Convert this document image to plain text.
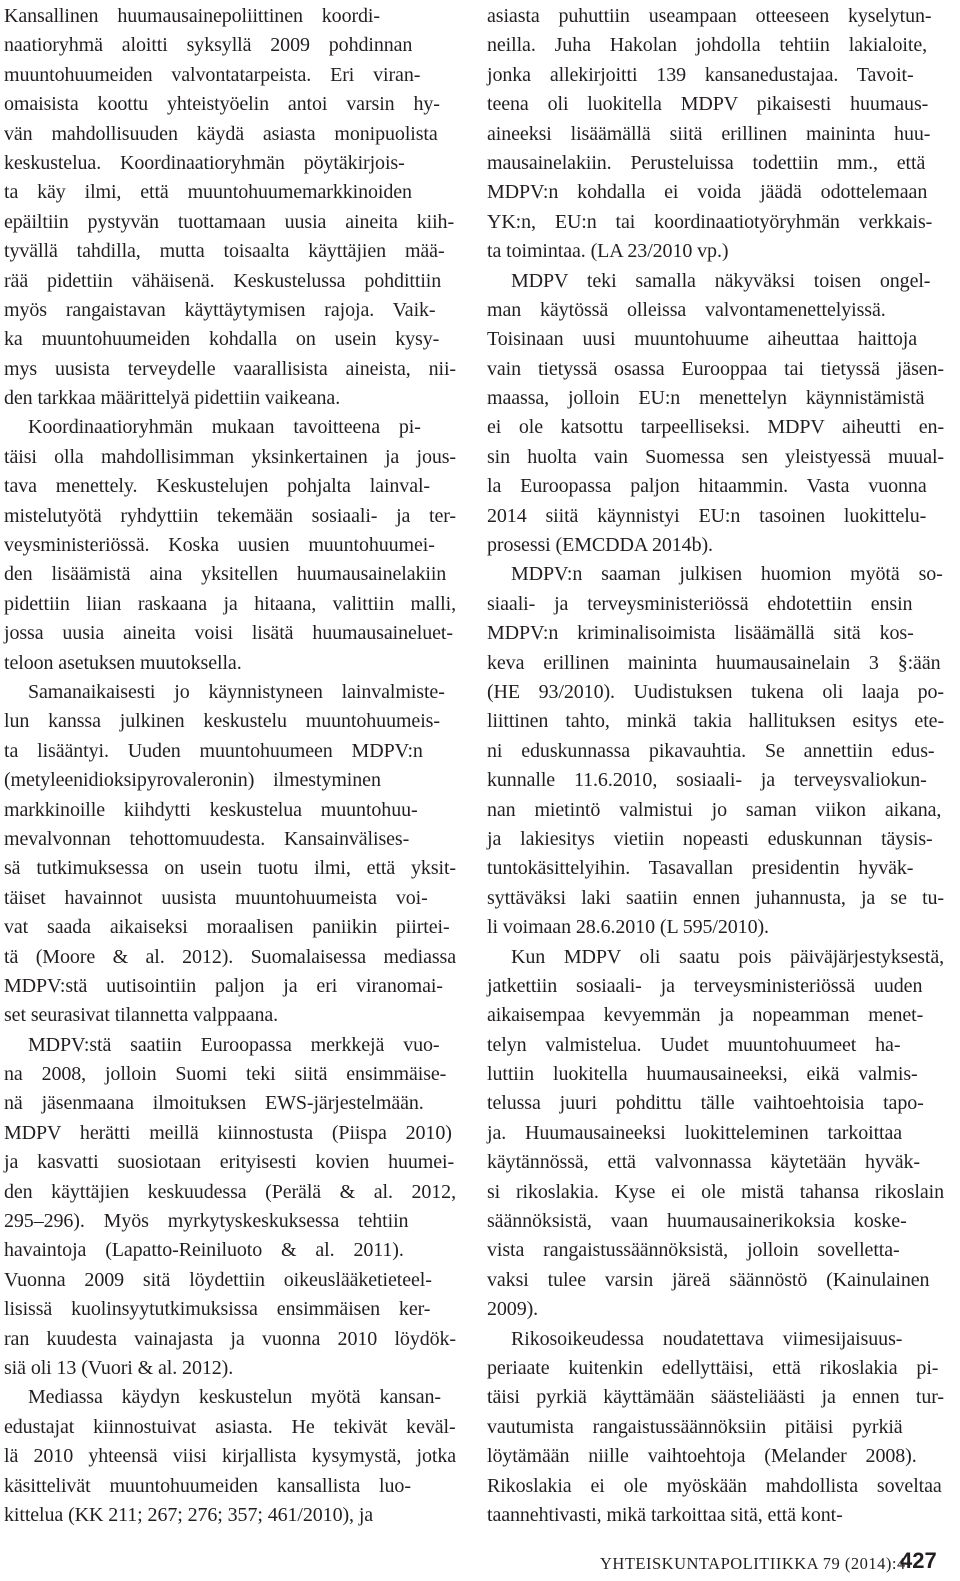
Kansallinen huumausainepoliittinen koordi-
naatioryhmä aloitti syksyllä 2009 pohdinnan
muuntohuumeiden valvontatarpeista. Eri viran-
omaisista koottu yhteistyöelin antoi varsin hy-
vän mahdollisuuden käydä asiasta monipuolista
keskustelua. Koordinaatioryhmän pöytäkirjois-
ta käy ilmi, että muuntohuumemarkkinoiden
epäiltiin pystyvän tuottamaan uusia aineita kiih-
tyvällä tahdilla, mutta toisaalta käyttäjien mää-
rää pidettiin vähäisenä. Keskustelussa pohdittiin
myös rangaistavan käyttäytymisen rajoja. Vaik-
ka muuntohuumeiden kohdalla on usein kysy-
mys uusista terveydelle vaarallisista aineista, nii-
den tarkkaa määrittelyä pidettiin vaikeana.
Koordinaatioryhmän mukaan tavoitteena pi-
täisi olla mahdollisimman yksinkertainen ja jous-
tava menettely. Keskustelujen pohjalta lainval-
mistelutyötä ryhdyttiin tekemään sosiaali- ja ter-
veysministeriössä. Koska uusien muuntohuumei-
den lisäämistä aina yksitellen huumausainelakiin
pidettiin liian raskaana ja hitaana, valittiin malli,
jossa uusia aineita voisi lisätä huumausaineluet-
teloon asetuksen muutoksella.
Samanaikaisesti jo käynnistyneen lainvalmiste-
lun kanssa julkinen keskustelu muuntohuumeis-
ta lisääntyi. Uuden muuntohuumeen MDPV:n
(metyleenidioksipyrovaleronin) ilmestyminen
markkinoille kiihdytti keskustelua muuntohuu-
mevalvonnan tehottomuudesta. Kansainvälises-
sä tutkimuksessa on usein tuotu ilmi, että yksit-
täiset havainnot uusista muuntohuumeista voi-
vat saada aikaiseksi moraalisen paniikin piirtei-
tä (Moore & al. 2012). Suomalaisessa mediassa
MDPV:stä uutisointiin paljon ja eri viranomai-
set seurasivat tilannetta valppaana.
MDPV:stä saatiin Euroopassa merkkejä vuo-
na 2008, jolloin Suomi teki siitä ensimmäise-
nä jäsenmaana ilmoituksen EWS-järjestelmään.
MDPV herätti meillä kiinnostusta (Piispa 2010)
ja kasvatti suosiotaan erityisesti kovien huumei-
den käyttäjien keskuudessa (Perälä & al. 2012,
295–296). Myös myrkytyskeskuksessa tehtiin
havaintoja (Lapatto-Reiniluoto & al. 2011).
Vuonna 2009 sitä löydettiin oikeuslääketieteel-
lisissä kuolinsyytutkimuksissa ensimmäisen ker-
ran kuudesta vainajasta ja vuonna 2010 löydök-
siä oli 13 (Vuori & al. 2012).
Mediassa käydyn keskustelun myötä kansan-
edustajat kiinnostuivat asiasta. He tekivät keväl-
lä 2010 yhteensä viisi kirjallista kysymystä, jotka
käsittelivät muuntohuumeiden kansallista luo-
kittelua (KK 211; 267; 276; 357; 461/2010), ja
asiasta puhuttiin useampaan otteeseen kyselytun-
neilla. Juha Hakolan johdolla tehtiin lakialoite,
jonka allekirjoitti 139 kansanedustajaa. Tavoit-
teena oli luokitella MDPV pikaisesti huumaus-
aineeksi lisäämällä siitä erillinen maininta huu-
mausainelakiin. Perusteluissa todettiin mm., että
MDPV:n kohdalla ei voida jäädä odottelemaan
YK:n, EU:n tai koordinaatiotyöryhmän verkkais-
ta toimintaa. (LA 23/2010 vp.)
MDPV teki samalla näkyväksi toisen ongel-
man käytössä olleissa valvontamenettelyissä.
Toisinaan uusi muuntohuume aiheuttaa haittoja
vain tietyssä osassa Eurooppaa tai tietyssä jäsen-
maassa, jolloin EU:n menettelyn käynnistämistä
ei ole katsottu tarpeelliseksi. MDPV aiheutti en-
sin huolta vain Suomessa sen yleistyessä muual-
la Euroopassa paljon hitaammin. Vasta vuonna
2014 siitä käynnistyi EU:n tasoinen luokittelu-
prosessi (EMCDDA 2014b).
MDPV:n saaman julkisen huomion myötä so-
siaali- ja terveysministeriössä ehdotettiin ensin
MDPV:n kriminalisoimista lisäämällä sitä kos-
keva erillinen maininta huumausainelain 3 §:ään
(HE 93/2010). Uudistuksen tukena oli laaja po-
liittinen tahto, minkä takia hallituksen esitys ete-
ni eduskunnassa pikavauhtia. Se annettiin edus-
kunnalle 11.6.2010, sosiaali- ja terveysvaliokun-
nan mietintö valmistui jo saman viikon aikana,
ja lakiesitys vietiin nopeasti eduskunnan täysis-
tuntokäsittelyihin. Tasavallan presidentin hyväk-
syttäväksi laki saatiin ennen juhannusta, ja se tu-
li voimaan 28.6.2010 (L 595/2010).
Kun MDPV oli saatu pois päiväjärjestyksestä,
jatkettiin sosiaali- ja terveysministeriössä uuden
aikaisempaa kevyemmän ja nopeamman menet-
telyn valmistelua. Uudet muuntohuumeet ha-
luttiin luokitella huumausaineeksi, eikä valmis-
telussa juuri pohdittu tälle vaihtoehtoisia tapo-
ja. Huumausaineeksi luokitteleminen tarkoittaa
käytännössä, että valvonnassa käytetään hyväk-
si rikoslakia. Kyse ei ole mistä tahansa rikoslain
säännöksistä, vaan huumausainerikoksia koske-
vista rangaistussäännöksistä, jolloin sovelletta-
vaksi tulee varsin järeä säännöstö (Kainulainen
2009).
Rikosoikeudessa noudatettava viimesijaisuus-
periaate kuitenkin edellyttäisi, että rikoslakia pi-
täisi pyrkiä käyttämään säästeliäästi ja ennen tur-
vautumista rangaistussäännöksiin pitäisi pyrkiä
löytämään niille vaihtoehtoja (Melander 2008).
Rikoslakia ei ole myöskään mahdollista soveltaa
taannehtivasti, mikä tarkoittaa sitä, että kont-
YHTEISKUNTAPOLITIIKKA 79 (2014):4
427
